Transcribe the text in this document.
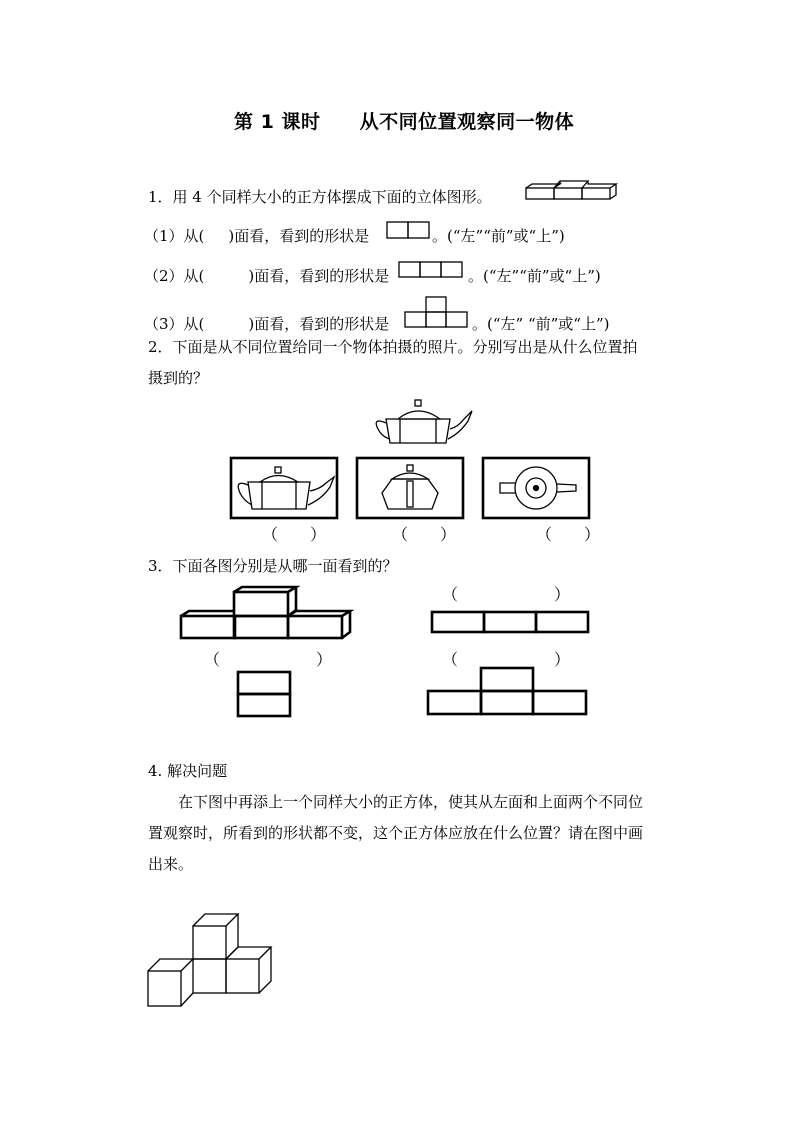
第 1 课时 从不同位置观察同一物体
1．用 4 个同样大小的正方体摆成下面的立体图形。
（1）从( )面看，看到的形状是	。(“左”“前”或“上”)
（2）从(	)面看，看到的形状是	。(“左”“前”或“上”)
（3）从(	)面看，看到的形状是	。(“左” “前”或“上”)
2．下面是从不同位置给同一个物体拍摄的照片。分别写出是从什么位置拍
摄到的？
（　　）	（　　）	（　　）
3．下面各图分别是从哪一面看到的？
（　　　　　　）
（　　　　　　）	（　　　　　　）
4. 解决问题
在下图中再添上一个同样大小的正方体，使其从左面和上面两个不同位
置观察时，所看到的形状都不变，这个正方体应放在什么位置？请在图中画
出来。
